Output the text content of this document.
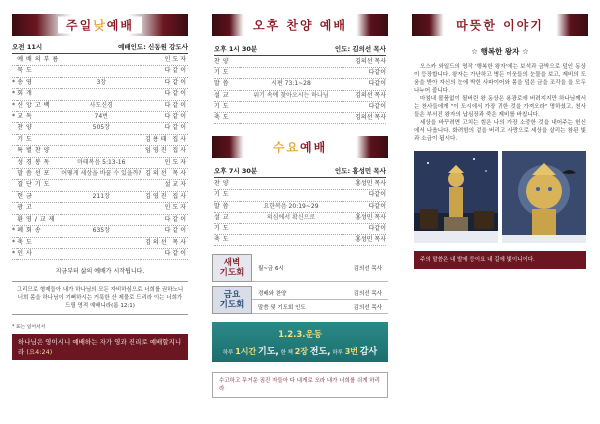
주일낮예배
오전 11시	예배인도: 신동원 강도사
	예배의부름		인도자
	묵도		다같이
*	송영	3장	다같이
*	회개		다같이
*	신앙고백	사도신경	다같이
*	교독	74번	다같이
	찬양	505장	다같이
	기도		김용태 집사
	특별찬양		임영진 집사
	성경봉독	마태복음 5:13-16	인도자
	말씀선포	어떻게 세상을 바꿀 수 있을까?	김의선 목사
	결단기도		설교자
	헌금	211장	김영진 집사
	광고		인도자
	환영/교제		다같이
*	폐회송	635장	다같이
*	축도		김의선 목사
*	인사		다같이
지금부터 삶의 예배가 시작됩니다.
그리므로 형제들아 내가 하나님의 모든 자비하심으로 너희를 권하노니 너희 몸을 하나님이 기뻐하시는 거룩한 산 제물로 드리라 이는 너희가 드릴 영적 예배니라(롬 12:1)
* 표는 일어서서
하나님은 영이시니 예배하는 자가 영과 진리로 예배할지니라 (요4:24)
오후 찬양 예배
오후 1시 30분	인도: 김의선 목사
찬양		김의선 목사
기도		다같이
말씀	시편 73:1~28	다같이
설교	위기 속에 찾아오시는 하나님	김의선 목사
기도		다같이
축도		김의선 목사
수요예배
오후 7시 30분	인도: 홍성민 목사
찬양		홍성민 목사
기도		다같이
말씀	요한복음 20:19~29	다같이
설교	의심에서 확신으로	홍성민 목사
기도		다같이
축도		홍성민 목사
새벽
기도회 월~금 6시	김의선 목사
금요
기도회
경배와 찬양	김의선 목사
말씀 및 기도회 인도	김의선 목사
1.2.3.운동
하루 1시간 기도, 한 책 2장 전도, 하루 3번 감사
수고하고 무거운 짐진 자들아 다 내게로 오라 내가 너희를 쉬게 하리라
따뜻한 이야기
☆ 행복한 왕자 ☆

오스카 와일드의 명작 '행복한 왕자'에는 보석과 금박으로 덮인 동상이 등장합니다. 왕자는 가난하고 병든 이웃들의 눈물을 보고, 제비의 도움을 받아 자신의 눈에 박힌 사파이어와 몸을 덮은 금을 조각을 을 모두 나누어 줍니다.

마침내 볼품없이 될버린 왕 동상은 용광로에 버려지지만 하나님께서는 천사들에게 "이 도시에서 가장 귀한 것을 가져오라" 명하셨고, 천사들은 부서진 왕자의 납심장과 죽은 제비를 바칩니다.

세상을 바꾸려면 고치는 힘은 나의 가장 소중한 것을 내어주는 헌신에서 나옵니다. 화려함의 겉을 버리고 사랑으로 세상을 살리는 참된 빛과 소금이 됩시다.

주의 말씀은 내 발에 등이요 내 길에 빛이니이다.
